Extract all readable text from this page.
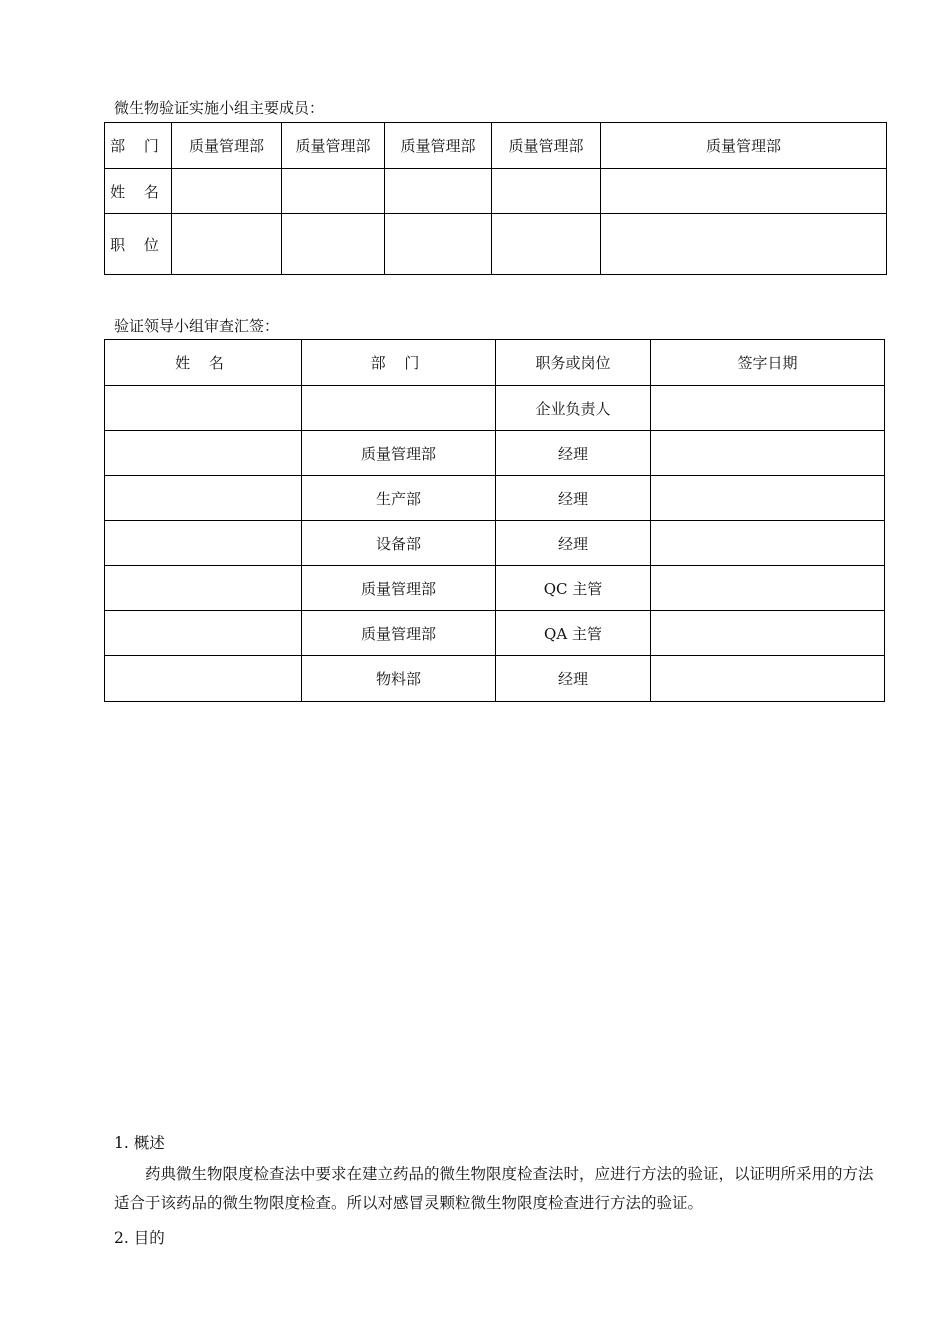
微生物验证实施小组主要成员：
部 门	质量管理部	质量管理部	质量管理部	质量管理部	质量管理部
姓 名					
职 位					
验证领导小组审查汇签：
姓 名	部 门	职务或岗位	签字日期
		企业负责人	
	质量管理部	经理	
	生产部	经理	
	设备部	经理	
	质量管理部	QC 主管	
	质量管理部	QA 主管	
	物料部	经理	
1. 概述
药典微生物限度检查法中要求在建立药品的微生物限度检查法时，应进行方法的验证，以证明所采用的方法适合于该药品的微生物限度检查。所以对感冒灵颗粒微生物限度检查进行方法的验证。
2. 目的
